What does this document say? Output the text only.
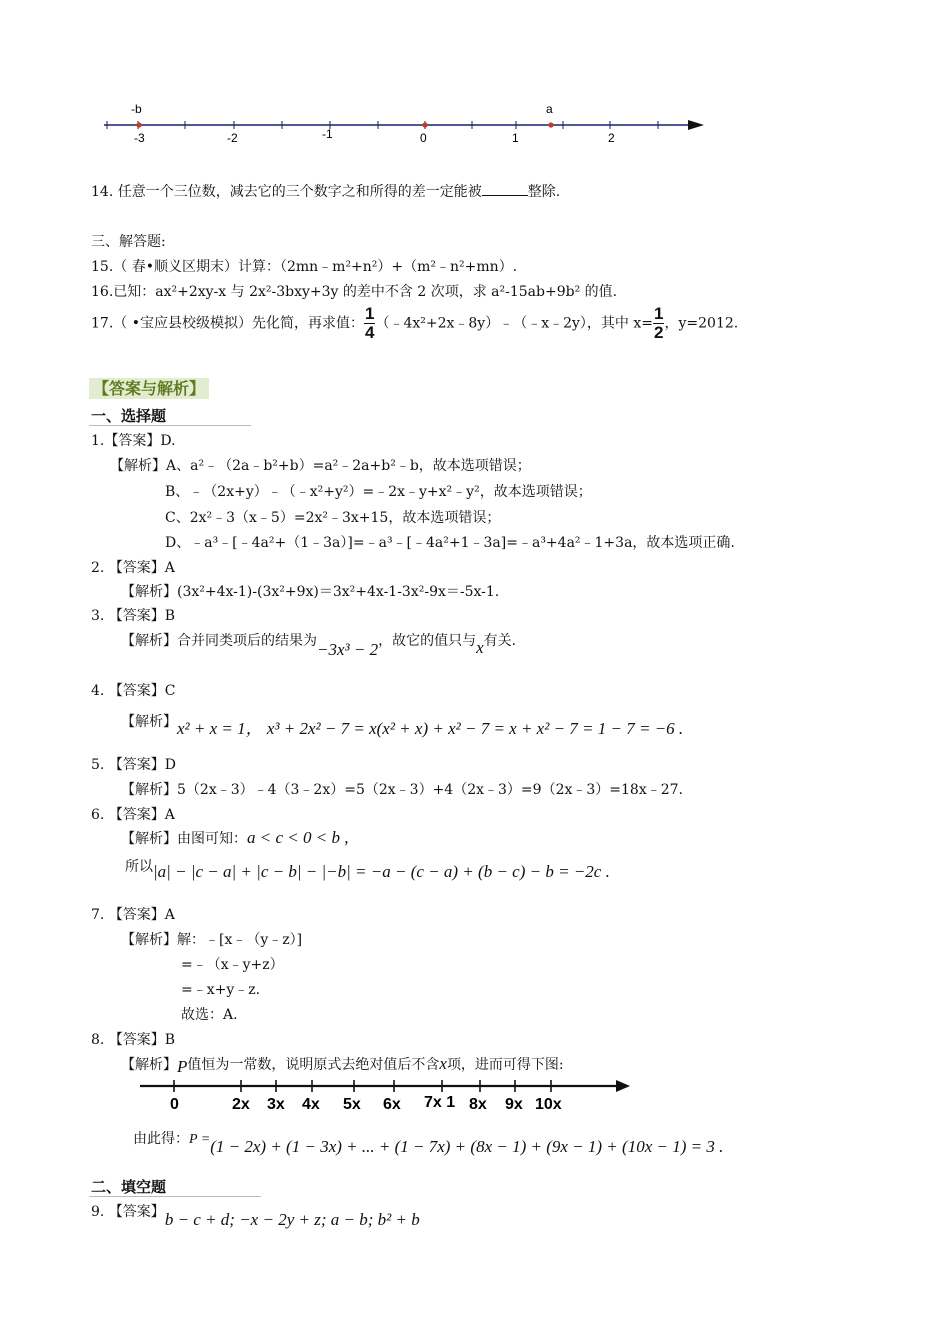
-b	a
-3	-2	-1	0	1	2
14. 任意一个三位数，减去它的三个数字之和所得的差一定能被	整除.
三、解答题:
15.（ 春•顺义区期末）计算：（2mn﹣m²+n²）+（m²﹣n²+mn）.
16.已知：ax²+2xy-x 与 2x²-3bxy+3y 的差中不含 2 次项，求 a²-15ab+9b² 的值.
17.（ •宝应县校级模拟）先化简，再求值： $\frac{1}{4}$ （﹣4x²+2x﹣8y）﹣（﹣x﹣2y），其中 $x= \frac{1}{2}$ ，y=2012.
【答案与解析】
一、选择题
1.【答案】D.
【解析】A、a²﹣（2a﹣b²+b）=a²﹣2a+b²﹣b，故本选项错误；
B、﹣（2x+y）﹣（﹣x²+y²）=﹣2x﹣y+x²﹣y²，故本选项错误；
C、2x²﹣3（x﹣5）=2x²﹣3x+15，故本选项错误；
D、﹣a³﹣[﹣4a²+（1﹣3a）]=﹣a³﹣[﹣4a²+1﹣3a]=﹣a³+4a²﹣1+3a，故本选项正确.
2. 【答案】A
【解析】(3x²+4x-1)-(3x²+9x)＝3x²+4x-1-3x²-9x＝-5x-1.
3. 【答案】B
【解析】合并同类项后的结果为−3x³ − 2，故它的值只与x有关.
4. 【答案】C
【解析】x² + x = 1， x³ + 2x² − 7 = x(x² + x) + x² − 7 = x + x² − 7 = 1 − 7 = −6 .
5. 【答案】D
【解析】5（2x﹣3）﹣4（3﹣2x）=5（2x﹣3）+4（2x﹣3）=9（2x﹣3）=18x﹣27.
6. 【答案】A
【解析】由图可知：a < c < 0 < b ,
所以|a| − |c − a| + |c − b| − |−b| = −a − (c − a) + (b − c) − b = −2c .
7. 【答案】A
【解析】解：﹣[x﹣（y﹣z）]
=﹣（x﹣y+z）
=﹣x+y﹣z.
故选：A.
8. 【答案】B
【解析】P值恒为一常数，说明原式去绝对值后不含x项，进而可得下图:
0	2x 3x 4x 5x 6x 7x 1 8x 9x 10x
由此得：P =(1 − 2x) + (1 − 3x) + ... + (1 − 7x) + (8x − 1) + (9x − 1) + (10x − 1) = 3 .
二、填空题
9. 【答案】b − c + d; −x − 2y + z; a − b; b² + b
